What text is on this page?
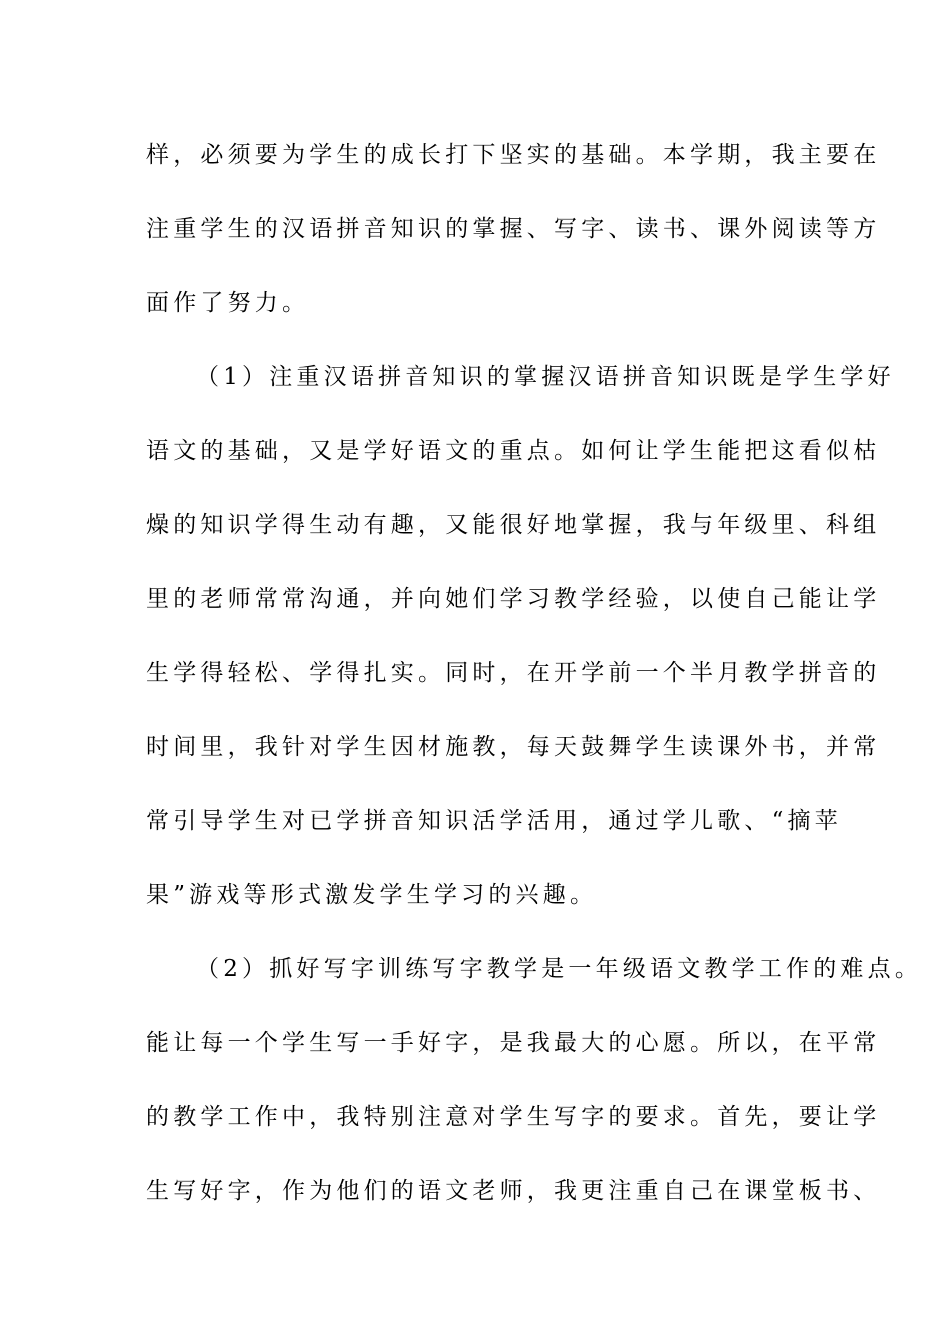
样，必须要为学生的成长打下坚实的基础。本学期，我主要在
注重学生的汉语拼音知识的掌握、写字、读书、课外阅读等方
面作了努力。
（1）注重汉语拼音知识的掌握汉语拼音知识既是学生学好
语文的基础，又是学好语文的重点。如何让学生能把这看似枯
燥的知识学得生动有趣，又能很好地掌握，我与年级里、科组
里的老师常常沟通，并向她们学习教学经验，以使自己能让学
生学得轻松、学得扎实。同时，在开学前一个半月教学拼音的
时间里，我针对学生因材施教，每天鼓舞学生读课外书，并常
常引导学生对已学拼音知识活学活用，通过学儿歌、“摘苹
果”游戏等形式激发学生学习的兴趣。
（2）抓好写字训练写字教学是一年级语文教学工作的难点。
能让每一个学生写一手好字，是我最大的心愿。所以，在平常
的教学工作中，我特别注意对学生写字的要求。首先，要让学
生写好字，作为他们的语文老师，我更注重自己在课堂板书、
